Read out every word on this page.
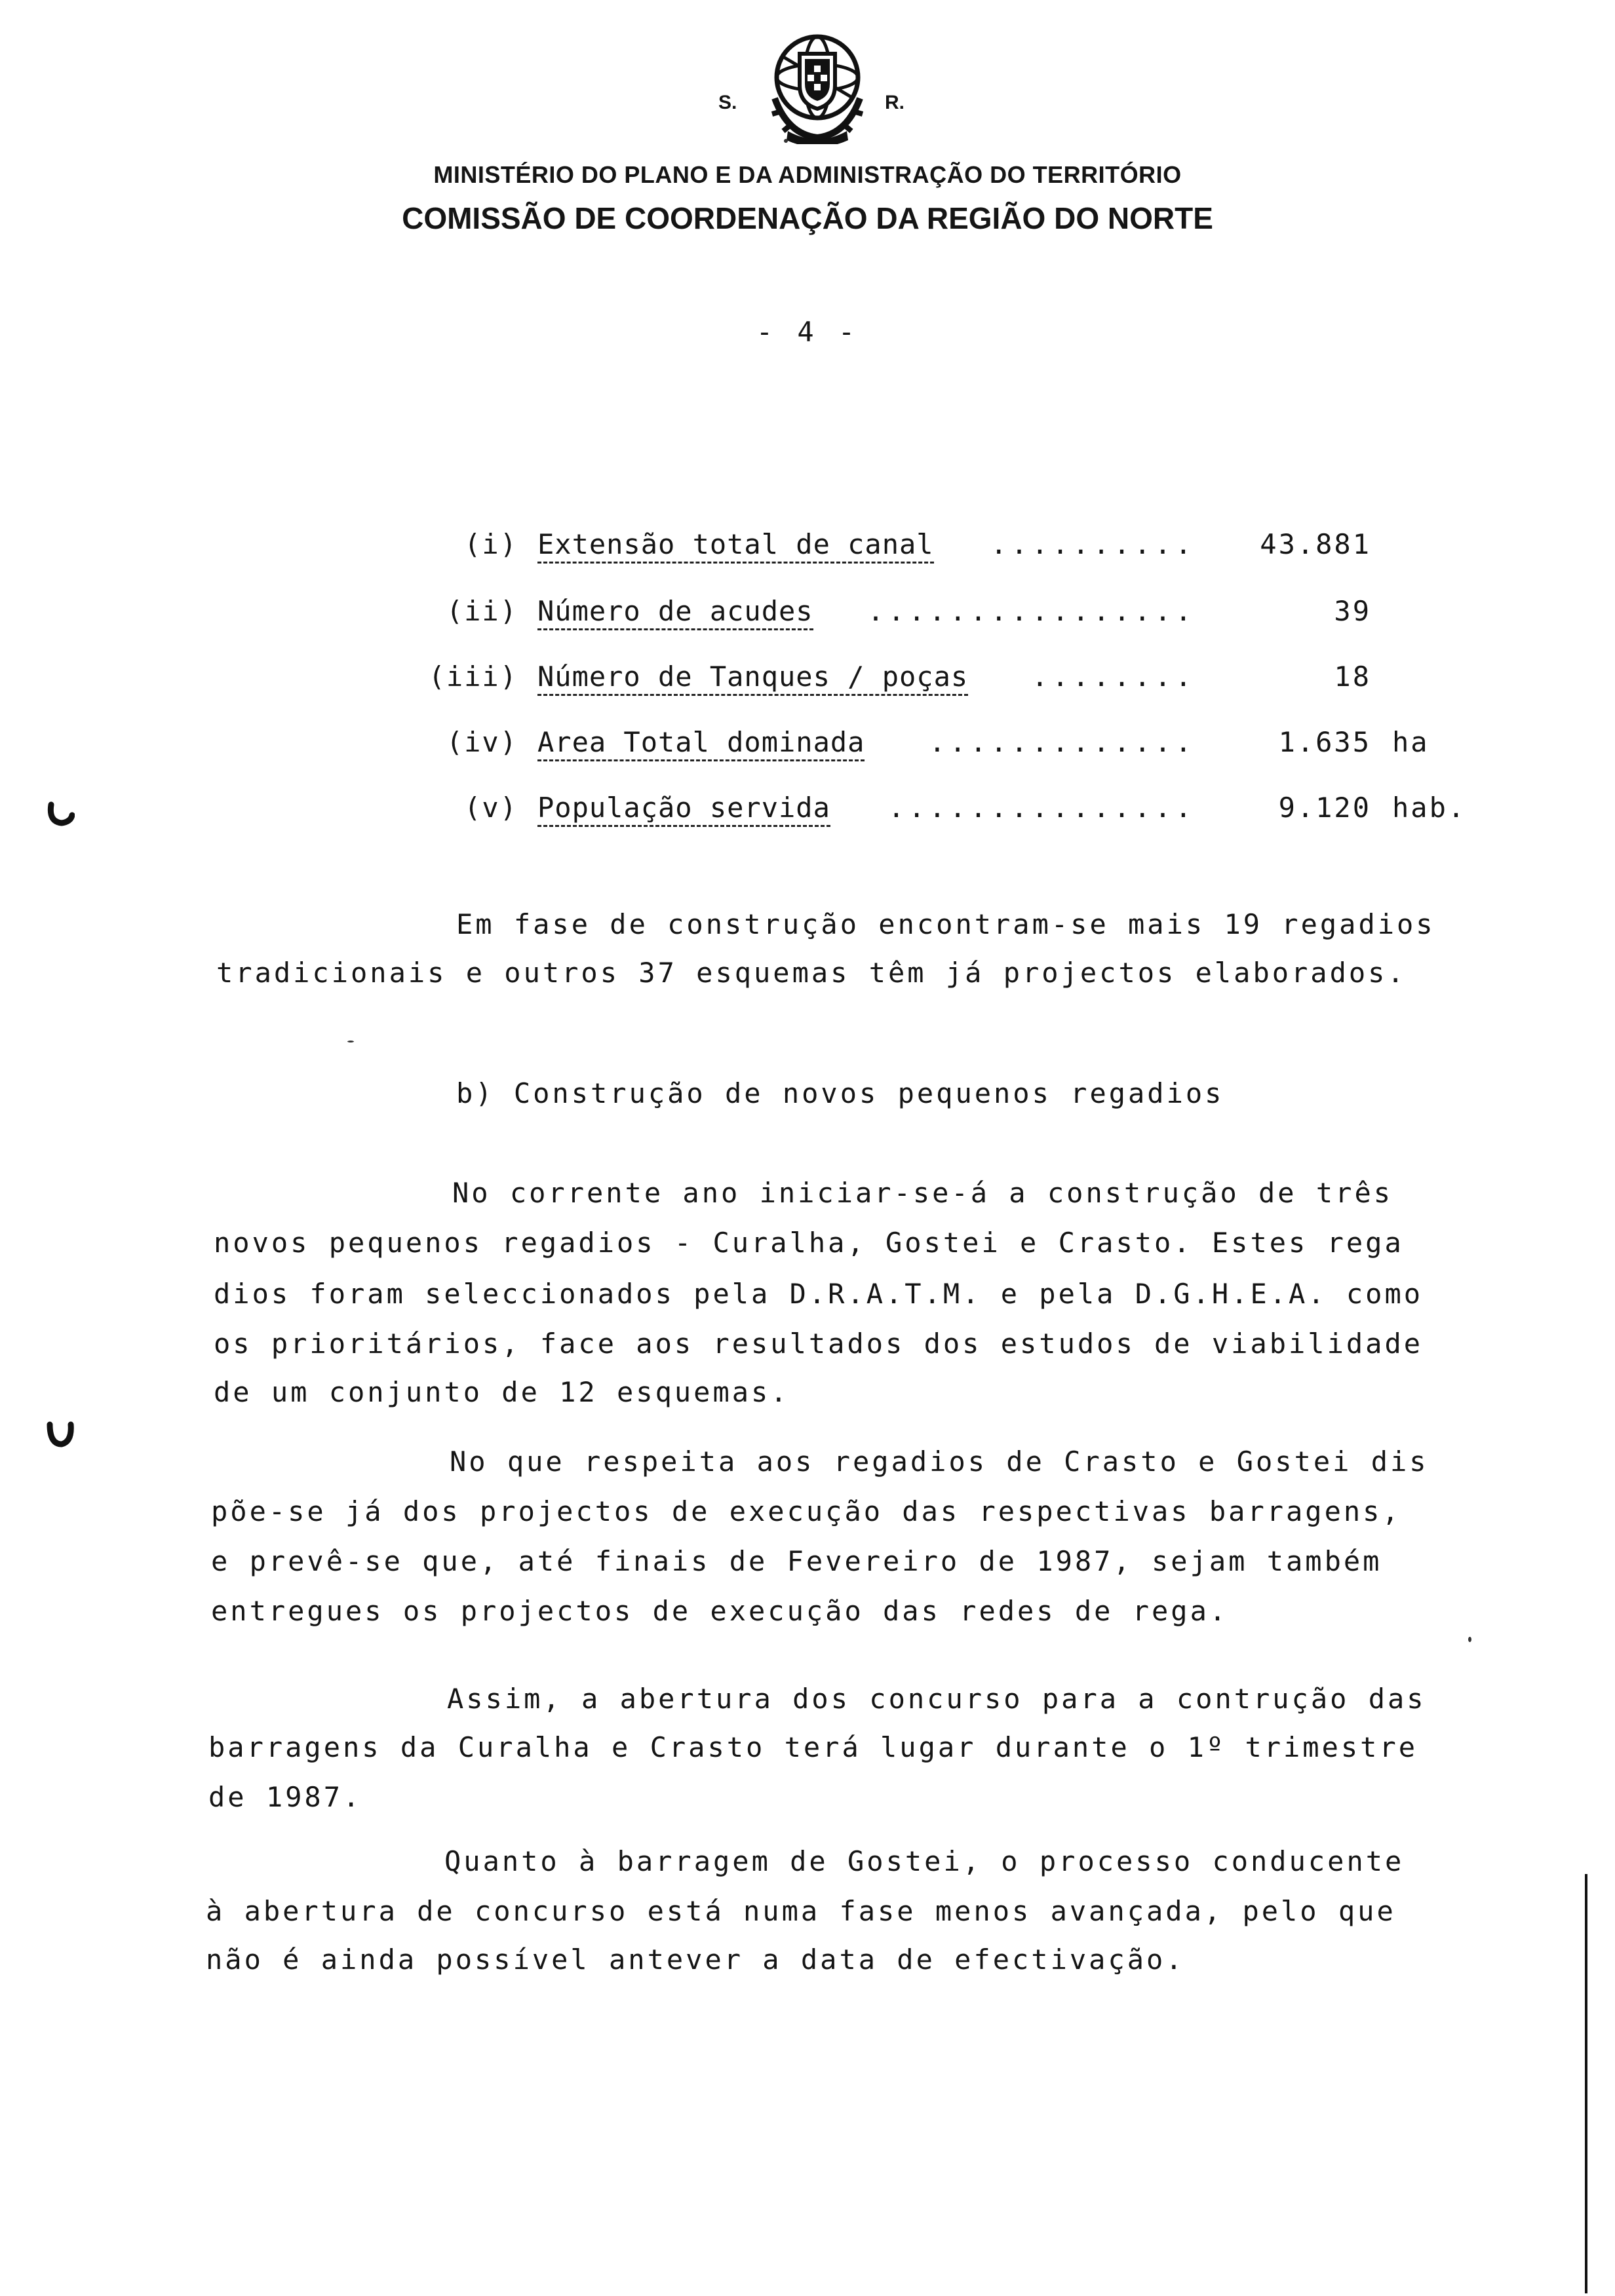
S.	R.
MINISTÉRIO DO PLANO E DA ADMINISTRAÇÃO DO TERRITÓRIO
COMISSÃO DE COORDENAÇÃO DA REGIÃO DO NORTE
- 4 -
(i) Extensão total de canal .......... 43.881
(ii) Número de acudes ................	39
(iii) Número de Tanques / poças ........	18
(iv) Area Total dominada .............	1.635 ha
(v) População servida ...............	9.120 hab.
Em fase de construção encontram-se mais 19 regadios
tradicionais e outros 37 esquemas têm já projectos elaborados.
b) Construção de novos pequenos regadios
No corrente ano iniciar-se-á a construção de três
novos pequenos regadios - Curalha, Gostei e Crasto. Estes rega
dios foram seleccionados pela D.R.A.T.M. e pela D.G.H.E.A. como
os prioritários, face aos resultados dos estudos de viabilidade
de um conjunto de 12 esquemas.
No que respeita aos regadios de Crasto e Gostei dis
põe-se já dos projectos de execução das respectivas barragens,
e prevê-se que, até finais de Fevereiro de 1987, sejam também
entregues os projectos de execução das redes de rega.
Assim, a abertura dos concurso para a contrução das
barragens da Curalha e Crasto terá lugar durante o 1º trimestre
de 1987.
Quanto à barragem de Gostei, o processo conducente
à abertura de concurso está numa fase menos avançada, pelo que
não é ainda possível antever a data de efectivação.
